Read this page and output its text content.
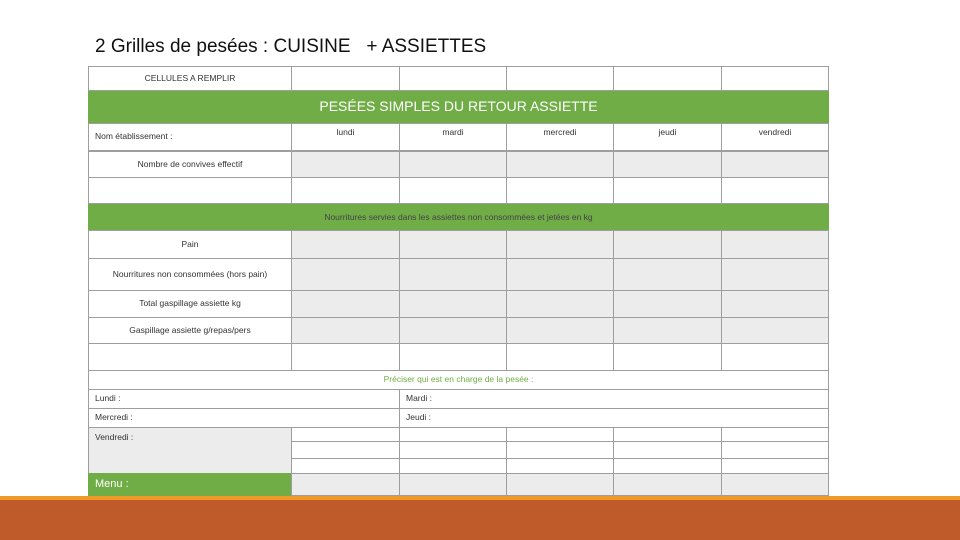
2 Grilles de pesées : CUISINE   + ASSIETTES
CELLULES A REMPLIR
PESÉES SIMPLES DU RETOUR ASSIETTE
Nom établissement :	lundi	mardi	mercredi	jeudi	vendredi
Nombre de convives effectif
Nourritures servies dans les assiettes non consommées et jetées en kg
Pain
Nourritures non consommées (hors pain)
Total gaspillage assiette kg
Gaspillage assiette g/repas/pers
Préciser qui est en charge de la pesée :
Lundi :	Mardi :
Mercredi :	Jeudi :
Vendredi :
Menu :
